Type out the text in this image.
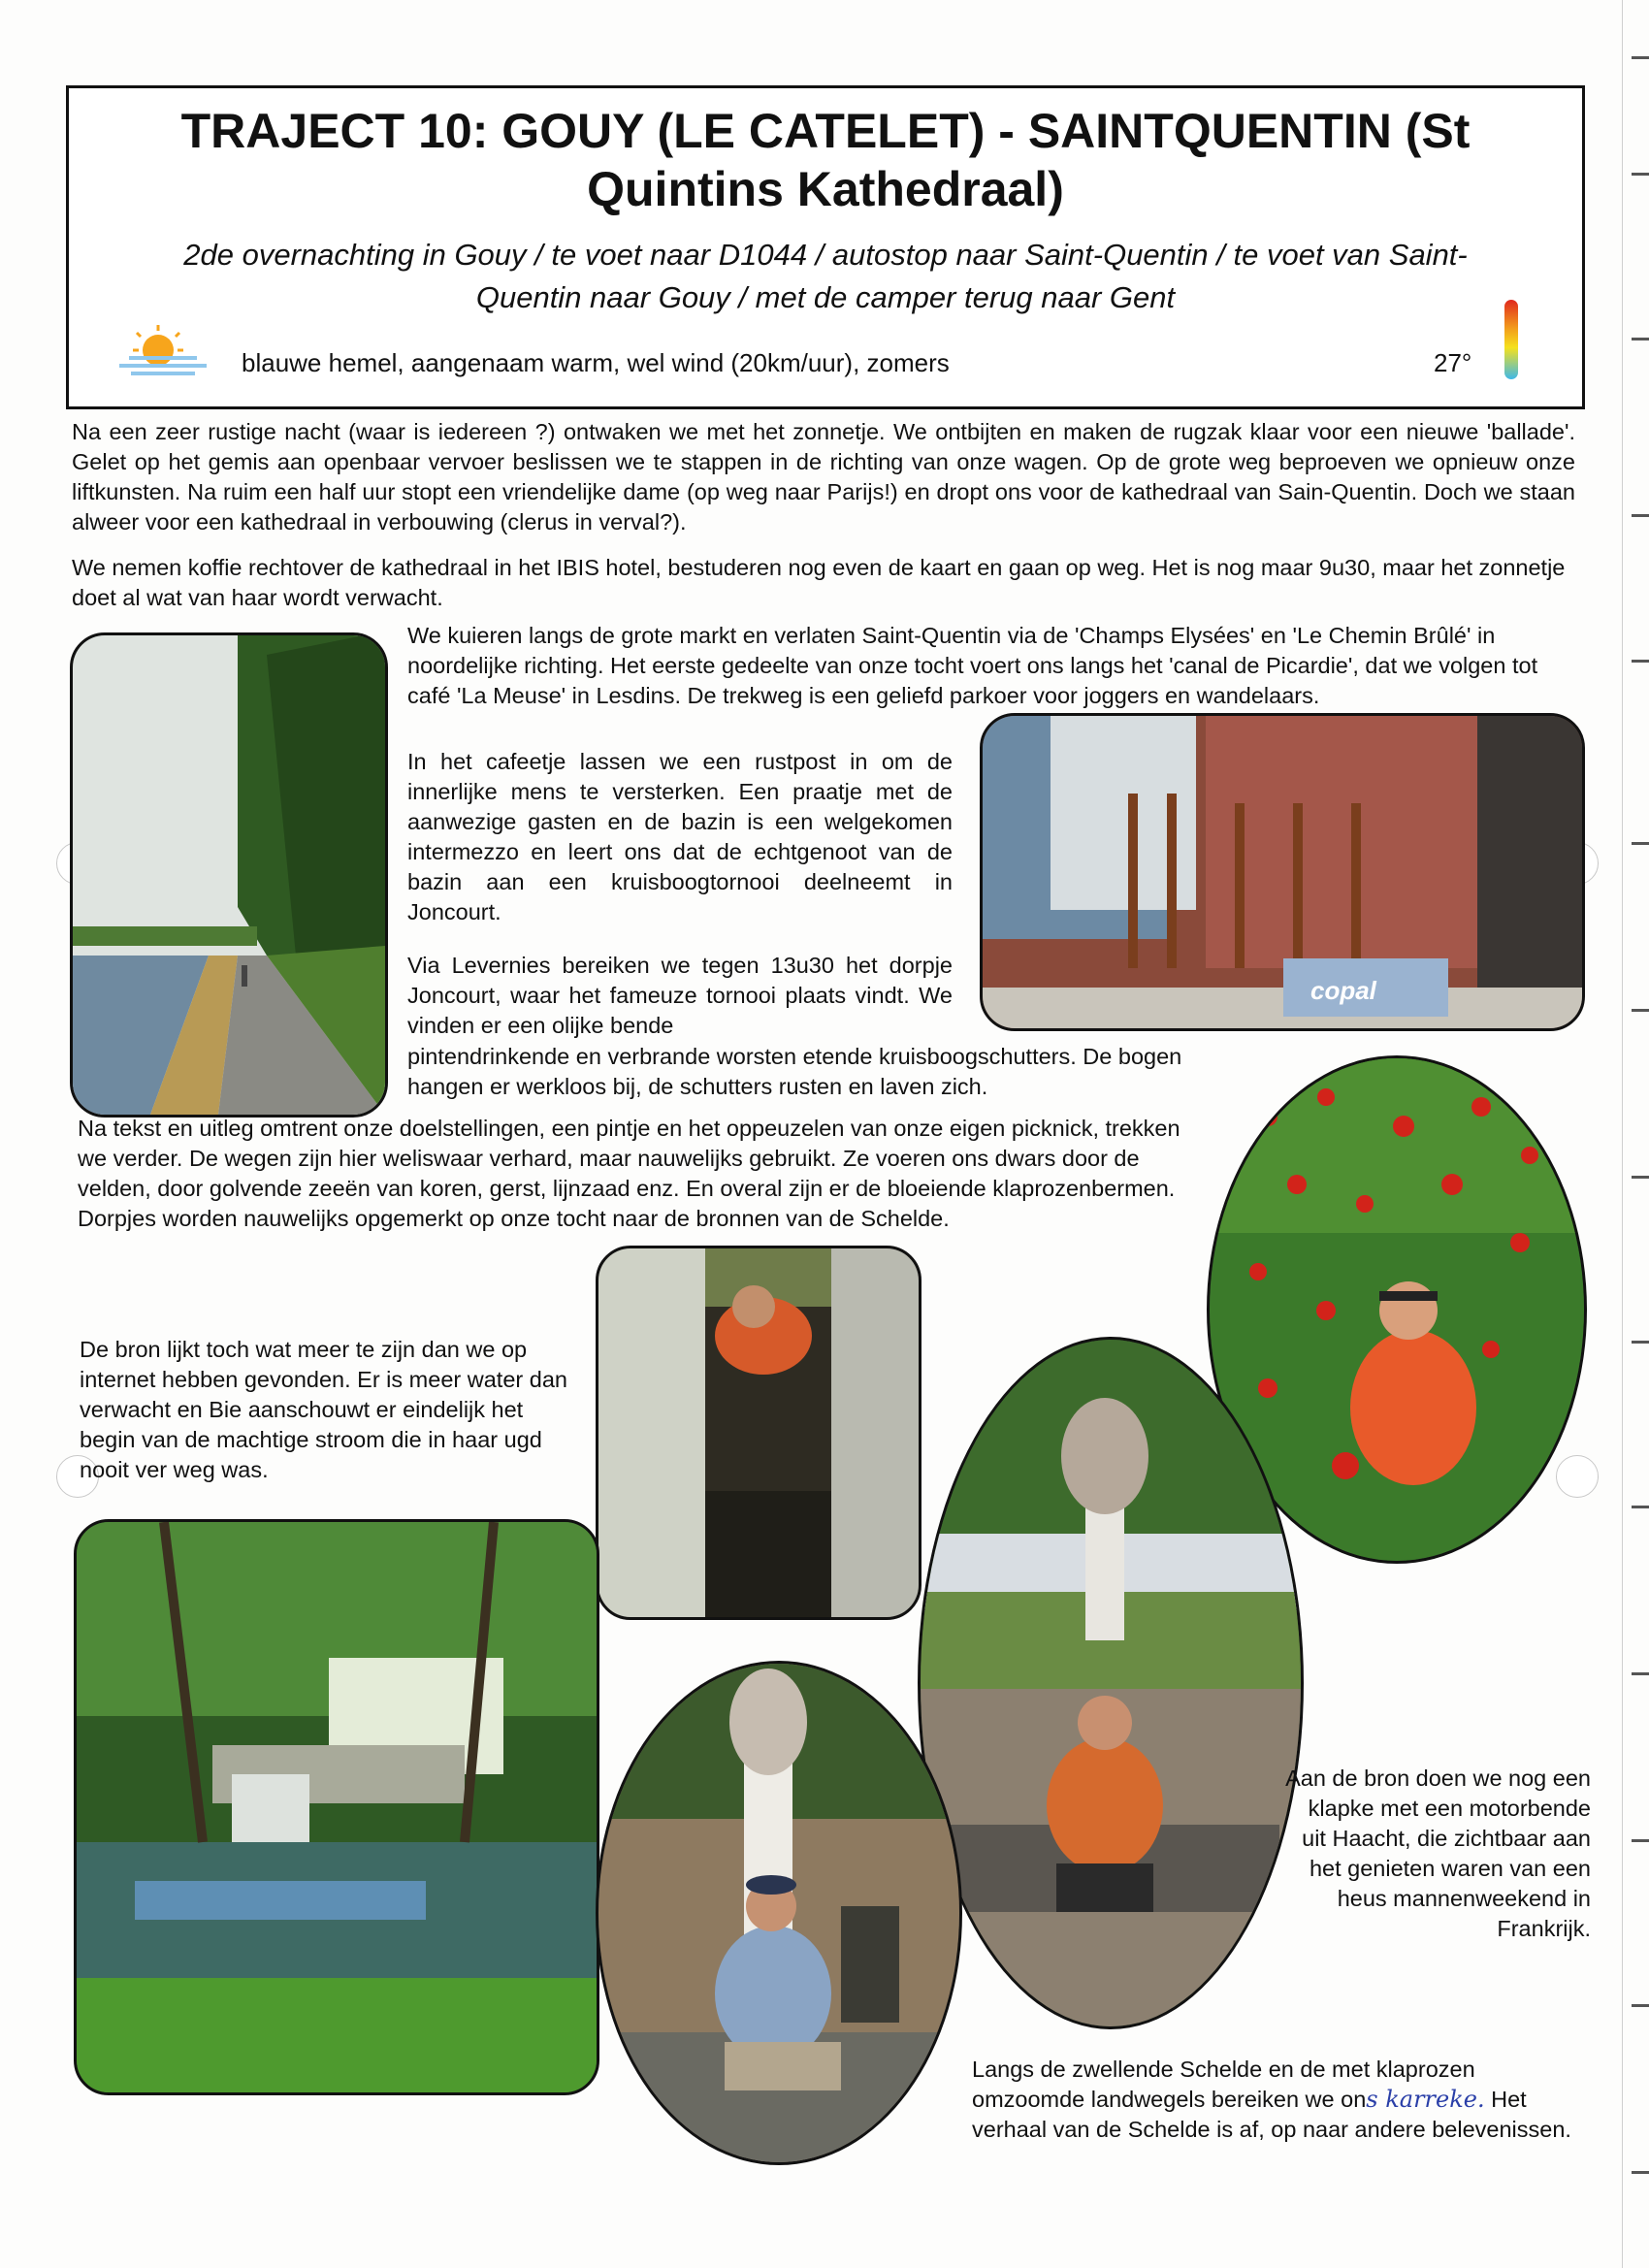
TRAJECT 10: GOUY (LE CATELET) - SAINTQUENTIN (St
Quintins Kathedraal)
2de overnachting in Gouy / te voet naar D1044 / autostop naar Saint-Quentin / te voet van Saint-
Quentin naar Gouy / met de camper terug naar Gent
blauwe hemel, aangenaam warm, wel wind (20km/uur), zomers	27°
Na een zeer rustige nacht (waar is iedereen ?) ontwaken we met het zonnetje. We ontbijten en maken de rugzak klaar voor een nieuwe 'ballade'. Gelet op het gemis aan openbaar vervoer beslissen we te stappen in de richting van onze wagen. Op de grote weg beproeven we opnieuw onze liftkunsten. Na ruim een half uur stopt een vriendelijke dame (op weg naar Parijs!) en dropt ons voor de kathedraal van Sain-Quentin. Doch we staan alweer voor een kathedraal in verbouwing (clerus in verval?).
We nemen koffie rechtover de kathedraal in het IBIS hotel, bestuderen nog even de kaart en gaan op weg. Het is nog maar 9u30, maar het zonnetje doet al wat van haar wordt verwacht.
We kuieren langs de grote markt en verlaten Saint-Quentin via de 'Champs Elysées' en 'Le Chemin Brûlé' in noordelijke richting. Het eerste gedeelte van onze tocht voert ons langs het 'canal de Picardie', dat we volgen tot café 'La Meuse' in Lesdins. De trekweg is een geliefd parkoer voor joggers en wandelaars.
In het cafeetje lassen we een rustpost in om de innerlijke mens te versterken. Een praatje met de aanwezige gasten en de bazin is een welgekomen intermezzo en leert ons dat de echtgenoot van de bazin aan een kruisboogtornooi deelneemt in Joncourt.
copal
Via Levernies bereiken we tegen 13u30 het dorpje Joncourt, waar het fameuze tornooi plaats vindt. We vinden er een olijke bende
pintendrinkende en verbrande worsten etende kruisboogschutters. De bogen hangen er werkloos bij, de schutters rusten en laven zich.
Na tekst en uitleg omtrent onze doelstellingen, een pintje en het oppeuzelen van onze eigen picknick, trekken we verder. De wegen zijn hier weliswaar verhard, maar nauwelijks gebruikt. Ze voeren ons dwars door de velden, door golvende zeeën van koren, gerst, lijnzaad enz. En overal zijn er de bloeiende klaprozenbermen. Dorpjes worden nauwelijks opgemerkt op onze tocht naar de bronnen van de Schelde.
De bron lijkt toch wat meer te zijn dan we op internet hebben gevonden. Er is meer water dan verwacht en Bie aanschouwt er eindelijk het begin van de machtige stroom die in haar ugd nooit ver weg was.
Aan de bron doen we nog een klapke met een motorbende uit Haacht, die zichtbaar aan het genieten waren van een heus mannenweekend in Frankrijk.
Langs de zwellende Schelde en de met klaprozen omzoomde landwegels bereiken we ons karreke. Het verhaal van de Schelde is af, op naar andere belevenissen.
